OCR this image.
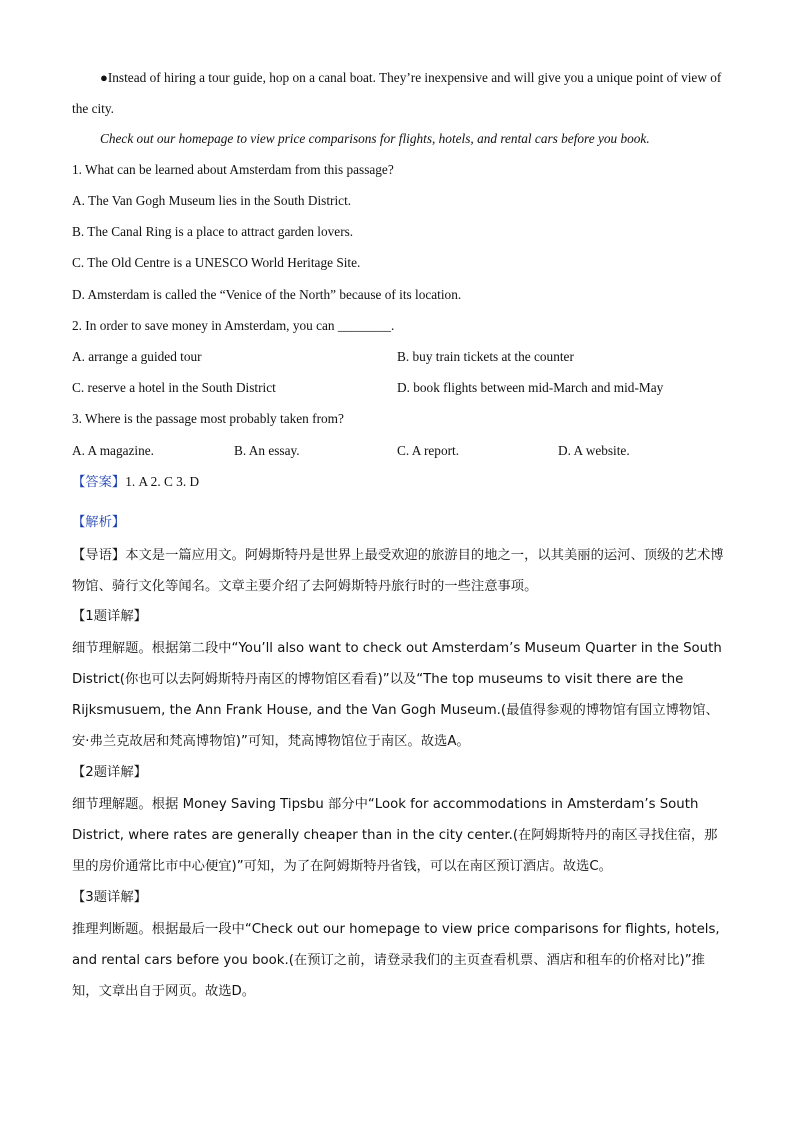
●Instead of hiring a tour guide, hop on a canal boat. They’re inexpensive and will give you a unique point of view of the city.
Check out our homepage to view price comparisons for flights, hotels, and rental cars before you book.
1. What can be learned about Amsterdam from this passage?
A. The Van Gogh Museum lies in the South District.
B. The Canal Ring is a place to attract garden lovers.
C. The Old Centre is a UNESCO World Heritage Site.
D. Amsterdam is called the “Venice of the North” because of its location.
2. In order to save money in Amsterdam, you can ________.
A. arrange a guided tour	B. buy train tickets at the counter
C. reserve a hotel in the South District	D. book flights between mid-March and mid-May
3. Where is the passage most probably taken from?
A. A magazine.	B. An essay.	C. A report.	D. A website.
【答案】1. A 2. C 3. D
【解析】
【导语】本文是一篇应用文。阿姆斯特丹是世界上最受欢迎的旅游目的地之一，以其美丽的运河、顶级的艺术博物馆、骑行文化等闻名。文章主要介绍了去阿姆斯特丹旅行时的一些注意事项。
【1题详解】
细节理解题。根据第二段中“You’ll also want to check out Amsterdam’s Museum Quarter in the South District(你也可以去阿姆斯特丹南区的博物馆区看看)”以及“The top museums to visit there are the Rijksmusuem, the Ann Frank House, and the Van Gogh Museum.(最值得参观的博物馆有国立博物馆、安·弗兰克故居和梵高博物馆)”可知，梵高博物馆位于南区。故选A。
【2题详解】
细节理解题。根据 Money Saving Tipsbu 部分中“Look for accommodations in Amsterdam’s South District, where rates are generally cheaper than in the city center.(在阿姆斯特丹的南区寻找住宿，那里的房价通常比市中心便宜)”可知，为了在阿姆斯特丹省钱，可以在南区预订酒店。故选C。
【3题详解】
推理判断题。根据最后一段中“Check out our homepage to view price comparisons for flights, hotels, and rental cars before you book.(在预订之前，请登录我们的主页查看机票、酒店和租车的价格对比)”推知，文章出自于网页。故选D。
